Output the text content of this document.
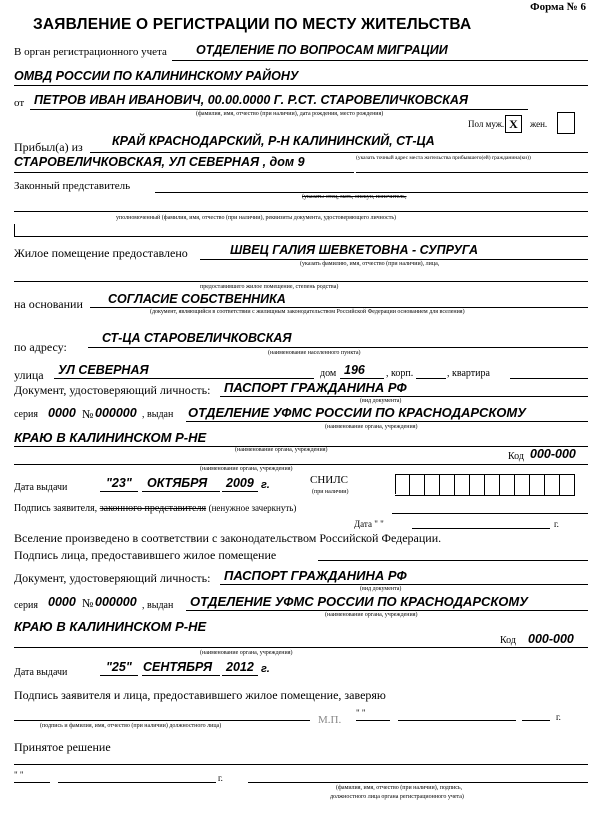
Форма № 6
ЗАЯВЛЕНИЕ О РЕГИСТРАЦИИ ПО МЕСТУ ЖИТЕЛЬСТВА
В орган регистрационного учета ОТДЕЛЕНИЕ ПО ВОПРОСАМ МИГРАЦИИ
ОМВД РОССИИ ПО КАЛИНИНСКОМУ РАЙОНУ
от ПЕТРОВ ИВАН ИВАНОВИЧ, 00.00.0000 Г. Р.СТ. СТАРОВЕЛИЧКОВСКАЯ
(фамилия, имя, отчество (при наличии), дата рождения, место рождения)
Пол муж. Х	жен.
Прибыл(а) из КРАЙ КРАСНОДАРСКИЙ, Р-Н КАЛИНИНСКИЙ, СТ-ЦА
СТАРОВЕЛИЧКОВСКАЯ, УЛ СЕВЕРНАЯ , дом 9	(указать точный адрес места жительства прибывшего(ей) гражданина(ки))
Законный представитель
(указать: отец, мать, опекун, попечитель,
уполномоченный (фамилия, имя, отчество (при наличии), реквизиты документа, удостоверяющего личность)
Жилое помещение предоставлено	ШВЕЦ ГАЛИЯ ШЕВКЕТОВНА - СУПРУГА
(указать фамилию, имя, отчество (при наличии), лица,
предоставившего жилое помещение, степень родства)
на основании СОГЛАСИЕ СОБСТВЕННИКА
(документ, являющийся в соответствии с жилищным законодательством Российской Федерации основанием для вселения)
по адресу:
СТ-ЦА СТАРОВЕЛИЧКОВСКАЯ
(наименование населенного пункта)
улица УЛ СЕВЕРНАЯ	дом 196 , корп.	, квартира
Документ, удостоверяющий личность: ПАСПОРТ ГРАЖДАНИНА РФ
(вид документа)
серия 0000 № 000000 , выдан ОТДЕЛЕНИЕ УФМС РОССИИ ПО КРАСНОДАРСКОМУ
(наименование органа, учреждения)
КРАЮ В КАЛИНИНСКОМ Р-НЕ
(наименование органа, учреждения)
Код 000-000
(наименование органа, учреждения)
Дата выдачи	"23" ОКТЯБРЯ 2009 г.	СНИЛС
(при наличии)
Подпись заявителя, законного представителя (ненужное зачеркнуть)
Дата " "	г.
Вселение произведено в соответствии с законодательством Российской Федерации.
Подпись лица, предоставившего жилое помещение
Документ, удостоверяющий личность: ПАСПОРТ ГРАЖДАНИНА РФ
(вид документа)
серия 0000 № 000000 , выдан ОТДЕЛЕНИЕ УФМС РОССИИ ПО КРАСНОДАРСКОМУ
(наименование органа, учреждения)
КРАЮ В КАЛИНИНСКОМ Р-НЕ
Код 000-000
(наименование органа, учреждения)
Дата выдачи	"25" СЕНТЯБРЯ 2012 г.
Подпись заявителя и лица, предоставившего жилое помещение, заверяю
(подпись и фамилия, имя, отчество (при наличии) должностного лица)	М.П.
" "	г.
Принятое решение
" "	г.
(фамилия, имя, отчество (при наличии), подпись,
должностного лица органа регистрационного учета)
